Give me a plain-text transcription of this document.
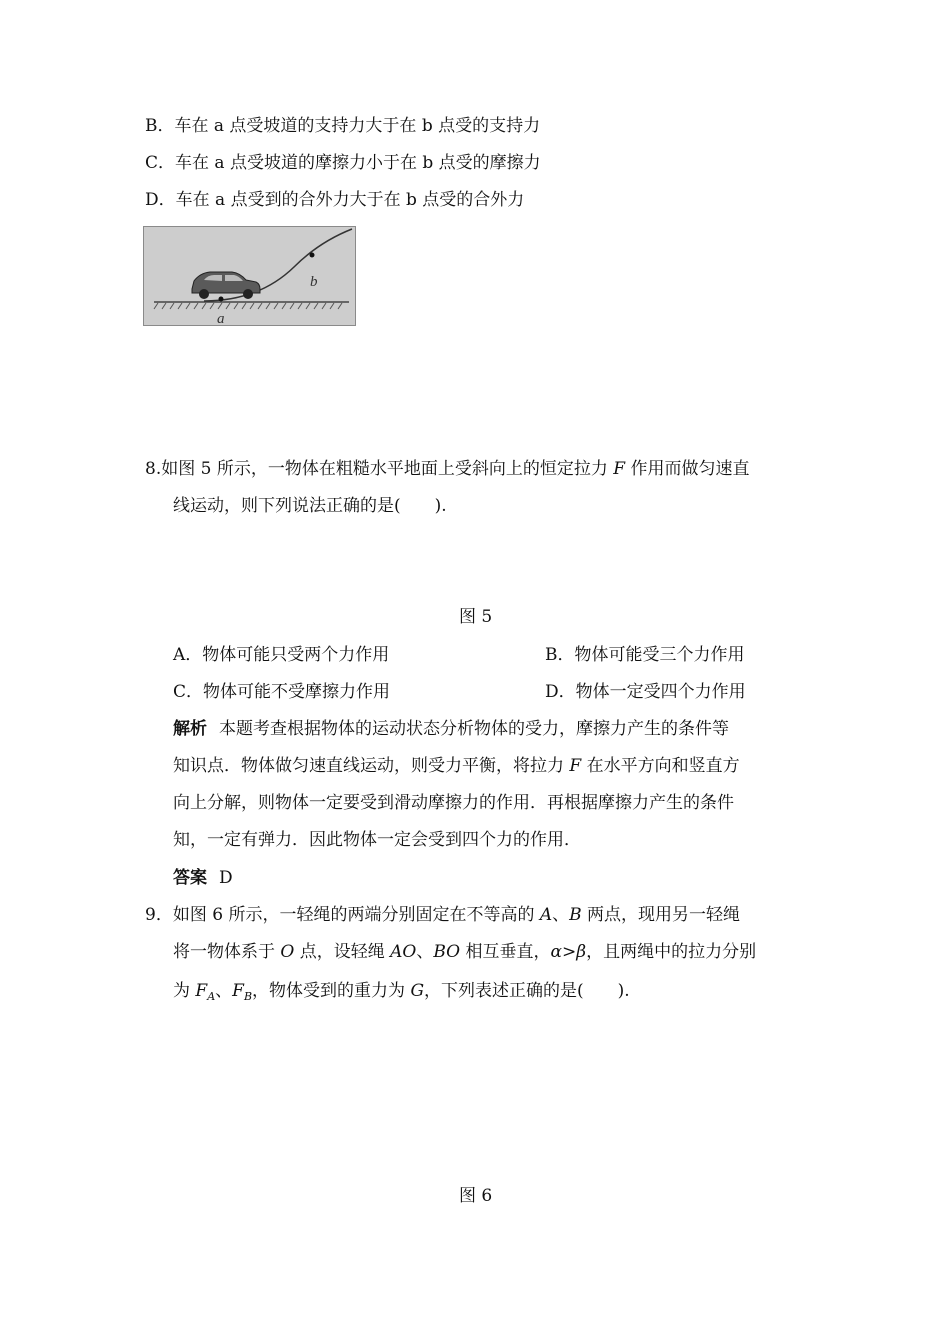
B．车在 a 点受坡道的支持力大于在 b 点受的支持力
C．车在 a 点受坡道的摩擦力小于在 b 点受的摩擦力
D．车在 a 点受到的合外力大于在 b 点受的合外力
a
b
8.如图 5 所示，一物体在粗糙水平地面上受斜向上的恒定拉力 F 作用而做匀速直
线运动，则下列说法正确的是(　　).
图 5
A．物体可能只受两个力作用	B．物体可能受三个力作用
C．物体可能不受摩擦力作用	D．物体一定受四个力作用
解析 本题考查根据物体的运动状态分析物体的受力，摩擦力产生的条件等
知识点．物体做匀速直线运动，则受力平衡，将拉力 F 在水平方向和竖直方
向上分解，则物体一定要受到滑动摩擦力的作用．再根据摩擦力产生的条件
知，一定有弹力．因此物体一定会受到四个力的作用．
答案 D
9．如图 6 所示，一轻绳的两端分别固定在不等高的 A、B 两点，现用另一轻绳
将一物体系于 O 点，设轻绳 AO、BO 相互垂直，α>β，且两绳中的拉力分别
为 $F_A$、$F_B$，物体受到的重力为 G，下列表述正确的是(　　).
图 6
